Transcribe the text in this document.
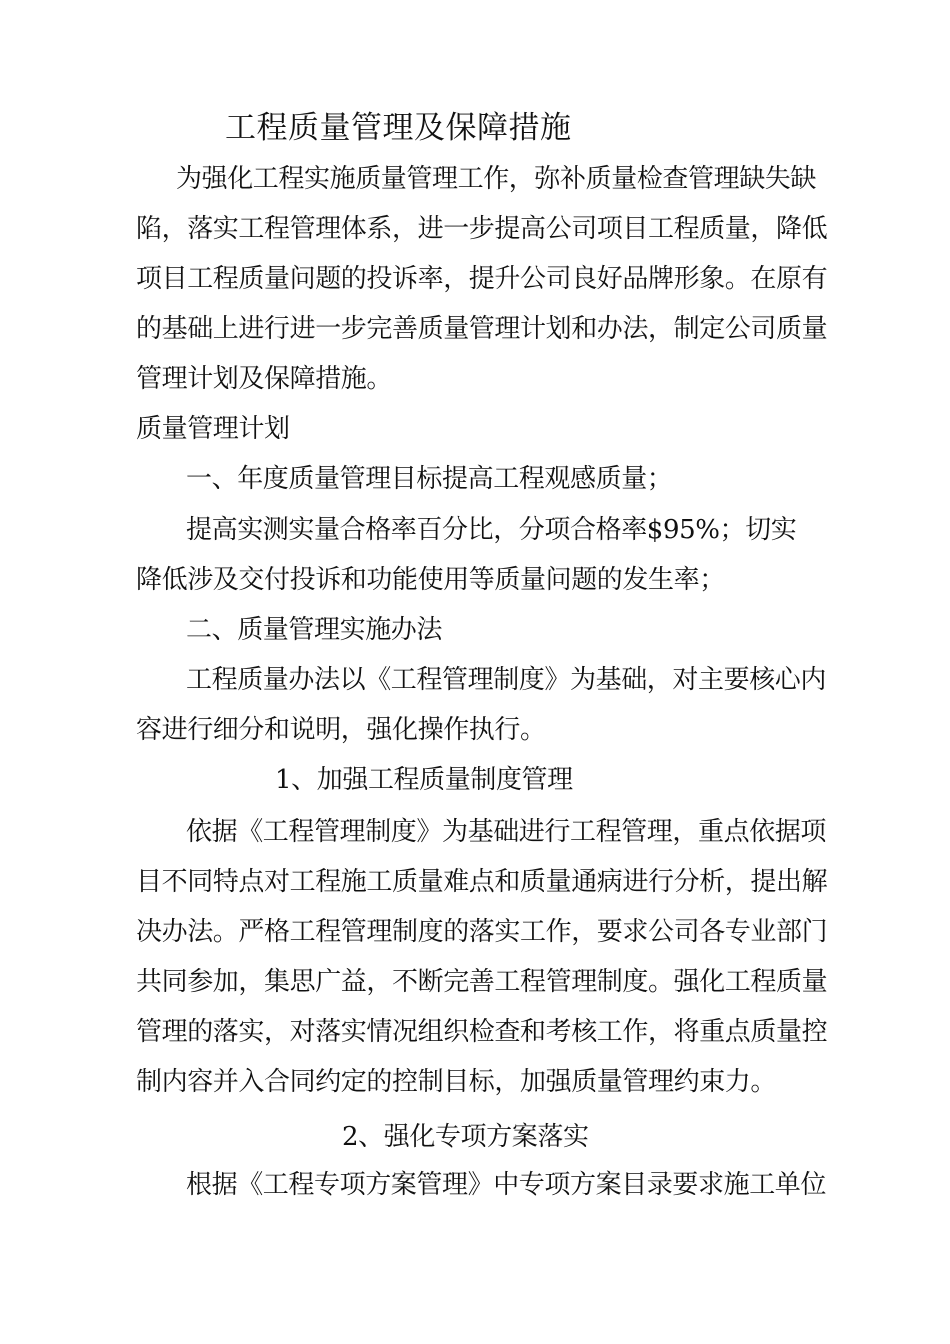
工程质量管理及保障措施
为强化工程实施质量管理工作，弥补质量检查管理缺失缺
陷，落实工程管理体系，进一步提高公司项目工程质量，降低
项目工程质量问题的投诉率，提升公司良好品牌形象。在原有
的基础上进行进一步完善质量管理计划和办法，制定公司质量
管理计划及保障措施。
质量管理计划
一、年度质量管理目标提高工程观感质量；
提高实测实量合格率百分比，分项合格率$95%；切实
降低涉及交付投诉和功能使用等质量问题的发生率；
二、质量管理实施办法
工程质量办法以《工程管理制度》为基础，对主要核心内
容进行细分和说明，强化操作执行。
1、加强工程质量制度管理
依据《工程管理制度》为基础进行工程管理，重点依据项
目不同特点对工程施工质量难点和质量通病进行分析，提出解
决办法。严格工程管理制度的落实工作，要求公司各专业部门
共同参加，集思广益，不断完善工程管理制度。强化工程质量
管理的落实，对落实情况组织检查和考核工作，将重点质量控
制内容并入合同约定的控制目标，加强质量管理约束力。
2、强化专项方案落实
根据《工程专项方案管理》中专项方案目录要求施工单位
